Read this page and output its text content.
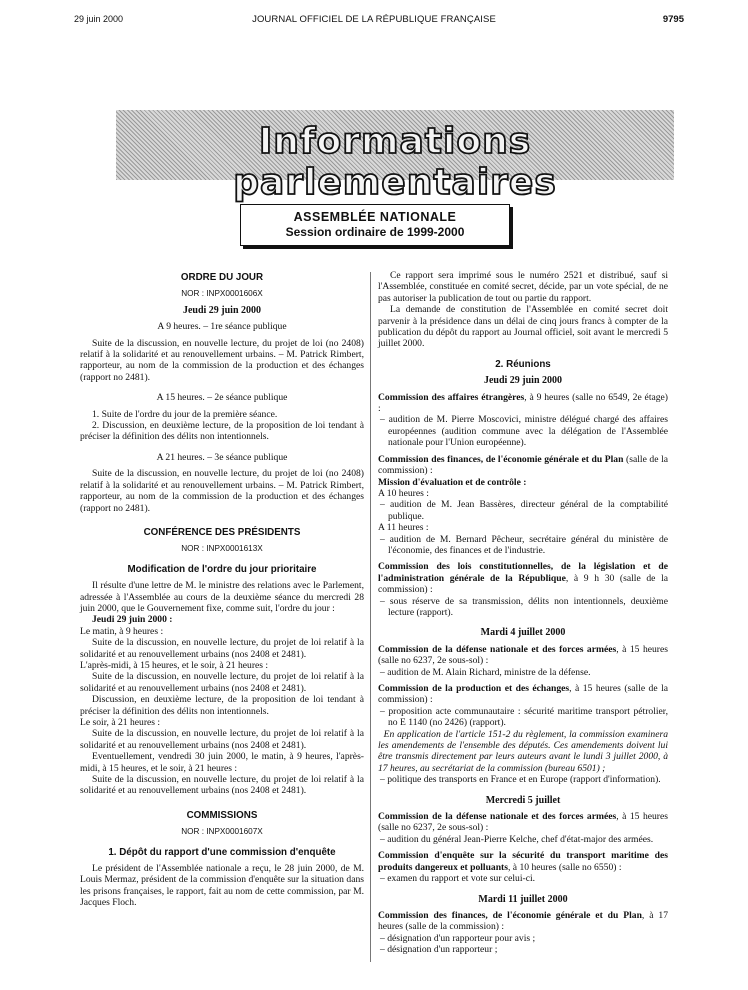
29 juin 2000	JOURNAL OFFICIEL DE LA RÉPUBLIQUE FRANÇAISE	9795
Informations parlementaires
ASSEMBLÉE NATIONALE
Session ordinaire de 1999-2000

ORDRE DU JOUR

NOR : INPX0001606X

Jeudi 29 juin 2000

A 9 heures. – 1re séance publique

Suite de la discussion, en nouvelle lecture, du projet de loi (no 2408) relatif à la solidarité et au renouvellement urbains. – M. Patrick Rimbert, rapporteur, au nom de la commission de la production et des échanges (rapport no 2481).

A 15 heures. – 2e séance publique

1. Suite de l'ordre du jour de la première séance.

2. Discussion, en deuxième lecture, de la proposition de loi tendant à préciser la définition des délits non intentionnels.

A 21 heures. – 3e séance publique

Suite de la discussion, en nouvelle lecture, du projet de loi (no 2408) relatif à la solidarité et au renouvellement urbains. – M. Patrick Rimbert, rapporteur, au nom de la commission de la production et des échanges (rapport no 2481).

CONFÉRENCE DES PRÉSIDENTS

NOR : INPX0001613X

Modification de l'ordre du jour prioritaire

Il résulte d'une lettre de M. le ministre des relations avec le Parlement, adressée à l'Assemblée au cours de la deuxième séance du mercredi 28 juin 2000, que le Gouvernement fixe, comme suit, l'ordre du jour :

Jeudi 29 juin 2000 :

Le matin, à 9 heures :

Suite de la discussion, en nouvelle lecture, du projet de loi relatif à la solidarité et au renouvellement urbains (nos 2408 et 2481).

L'après-midi, à 15 heures, et le soir, à 21 heures :

Suite de la discussion, en nouvelle lecture, du projet de loi relatif à la solidarité et au renouvellement urbains (nos 2408 et 2481).

Discussion, en deuxième lecture, de la proposition de loi tendant à préciser la définition des délits non intentionnels.

Le soir, à 21 heures :

Suite de la discussion, en nouvelle lecture, du projet de loi relatif à la solidarité et au renouvellement urbains (nos 2408 et 2481).

Eventuellement, vendredi 30 juin 2000, le matin, à 9 heures, l'après-midi, à 15 heures, et le soir, à 21 heures :

Suite de la discussion, en nouvelle lecture, du projet de loi relatif à la solidarité et au renouvellement urbains (nos 2408 et 2481).

COMMISSIONS

NOR : INPX0001607X

1. Dépôt du rapport d'une commission d'enquête

Le président de l'Assemblée nationale a reçu, le 28 juin 2000, de M. Louis Mermaz, président de la commission d'enquête sur la situation dans les prisons françaises, le rapport, fait au nom de cette commission, par M. Jacques Floch.

Ce rapport sera imprimé sous le numéro 2521 et distribué, sauf si l'Assemblée, constituée en comité secret, décide, par un vote spécial, de ne pas autoriser la publication de tout ou partie du rapport.

La demande de constitution de l'Assemblée en comité secret doit parvenir à la présidence dans un délai de cinq jours francs à compter de la publication du dépôt du rapport au Journal officiel, soit avant le mercredi 5 juillet 2000.

2. Réunions

Jeudi 29 juin 2000

Commission des affaires étrangères, à 9 heures (salle no 6549, 2e étage) :

– audition de M. Pierre Moscovici, ministre délégué chargé des affaires européennes (audition commune avec la délégation de l'Assemblée nationale pour l'Union européenne).

Commission des finances, de l'économie générale et du Plan (salle de la commission) :

Mission d'évaluation et de contrôle :

A 10 heures :

– audition de M. Jean Bassères, directeur général de la comptabilité publique.

A 11 heures :

– audition de M. Bernard Pêcheur, secrétaire général du ministère de l'économie, des finances et de l'industrie.

Commission des lois constitutionnelles, de la législation et de l'administration générale de la République, à 9 h 30 (salle de la commission) :

– sous réserve de sa transmission, délits non intentionnels, deuxième lecture (rapport).

Mardi 4 juillet 2000

Commission de la défense nationale et des forces armées, à 15 heures (salle no 6237, 2e sous-sol) :

– audition de M. Alain Richard, ministre de la défense.

Commission de la production et des échanges, à 15 heures (salle de la commission) :

– proposition acte communautaire : sécurité maritime transport pétrolier, no E 1140 (no 2426) (rapport).

En application de l'article 151-2 du règlement, la commission examinera les amendements de l'ensemble des députés. Ces amendements doivent lui être transmis directement par leurs auteurs avant le lundi 3 juillet 2000, à 17 heures, au secrétariat de la commission (bureau 6501) ;

– politique des transports en France et en Europe (rapport d'information).

Mercredi 5 juillet

Commission de la défense nationale et des forces armées, à 15 heures (salle no 6237, 2e sous-sol) :

– audition du général Jean-Pierre Kelche, chef d'état-major des armées.

Commission d'enquête sur la sécurité du transport maritime des produits dangereux et polluants, à 10 heures (salle no 6550) :

– examen du rapport et vote sur celui-ci.

Mardi 11 juillet 2000

Commission des finances, de l'économie générale et du Plan, à 17 heures (salle de la commission) :

– désignation d'un rapporteur pour avis ;

– désignation d'un rapporteur ;
